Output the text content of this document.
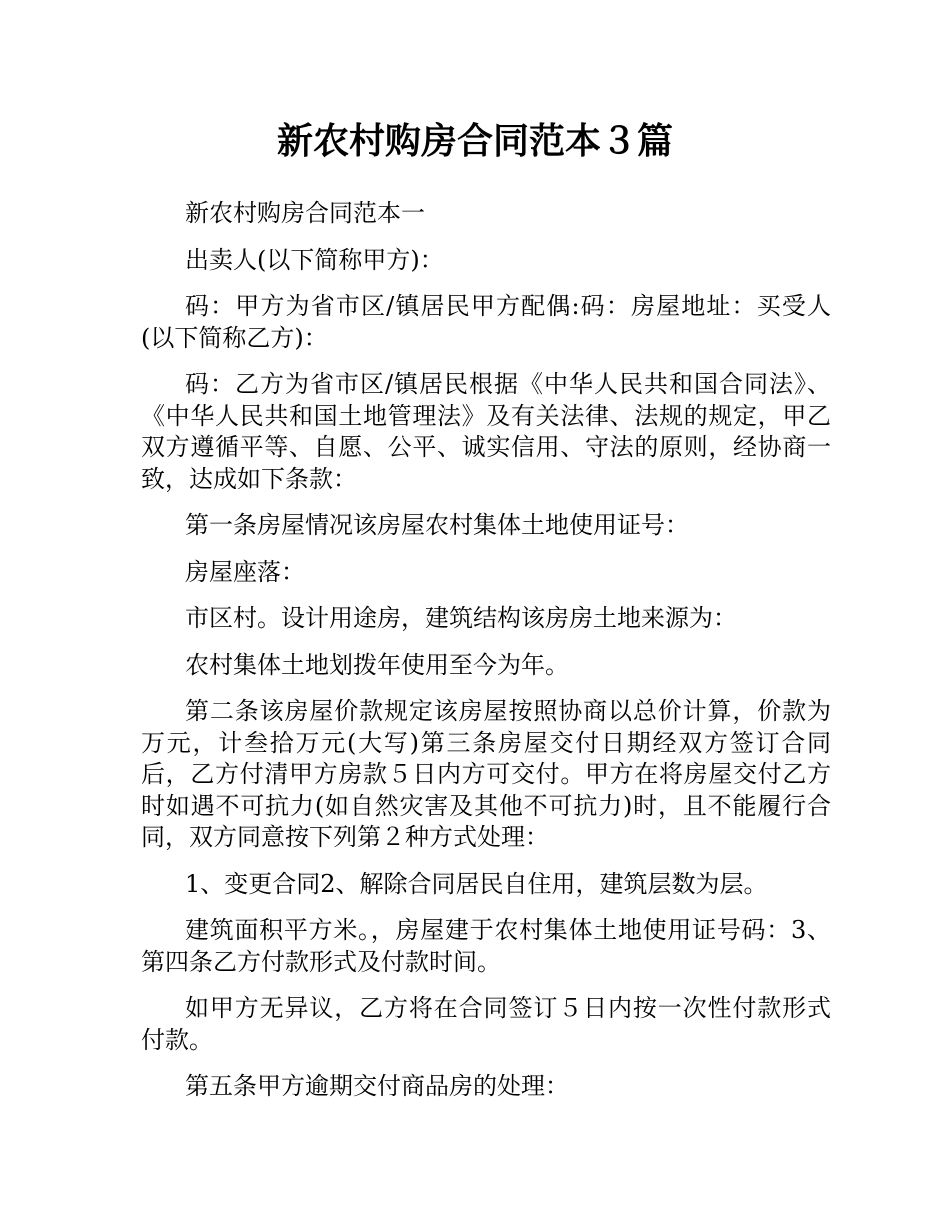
新农村购房合同范本３篇

新农村购房合同范本一

出卖人(以下简称甲方)：

码：甲方为省市区/镇居民甲方配偶:码：房屋地址：买受人(以下简称乙方)：

码：乙方为省市区/镇居民根据《中华人民共和国合同法》、《中华人民共和国土地管理法》及有关法律、法规的规定，甲乙双方遵循平等、自愿、公平、诚实信用、守法的原则，经协商一致，达成如下条款：

第一条房屋情况该房屋农村集体土地使用证号：

房屋座落：

市区村。设计用途房，建筑结构该房房土地来源为：

农村集体土地划拨年使用至今为年。

第二条该房屋价款规定该房屋按照协商以总价计算，价款为万元，计叁拾万元(大写)第三条房屋交付日期经双方签订合同后，乙方付清甲方房款５日内方可交付。甲方在将房屋交付乙方时如遇不可抗力(如自然灾害及其他不可抗力)时，且不能履行合同，双方同意按下列第２种方式处理：

1、变更合同2、解除合同居民自住用，建筑层数为层。

建筑面积平方米。，房屋建于农村集体土地使用证号码：3、第四条乙方付款形式及付款时间。

如甲方无异议，乙方将在合同签订５日内按一次性付款形式付款。

第五条甲方逾期交付商品房的处理：
